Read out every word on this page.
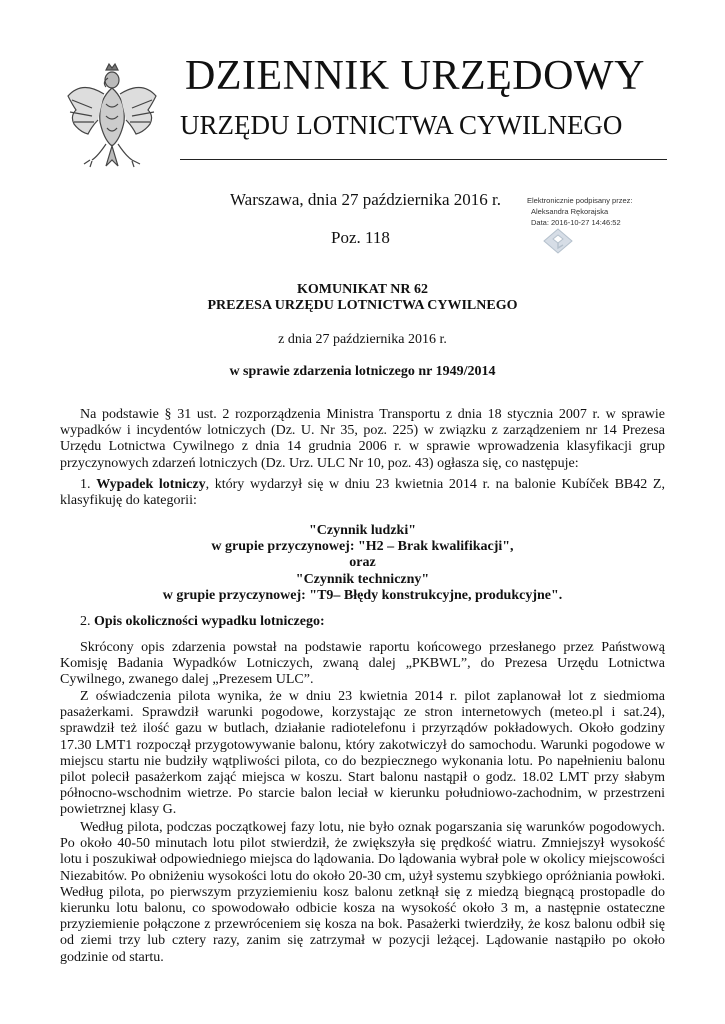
DZIENNIK URZĘDOWY
URZĘDU LOTNICTWA CYWILNEGO
Warszawa, dnia 27 października 2016 r.
Poz. 118
Elektronicznie podpisany przez:
Aleksandra Rękorajska
Data: 2016-10-27 14:46:52
KOMUNIKAT NR 62
PREZESA URZĘDU LOTNICTWA CYWILNEGO
z dnia 27 października 2016 r.
w sprawie zdarzenia lotniczego nr 1949/2014

Na podstawie § 31 ust. 2 rozporządzenia Ministra Transportu z dnia 18 stycznia 2007 r. w sprawie wypadków i incydentów lotniczych (Dz. U. Nr 35, poz. 225) w związku z zarządzeniem nr 14 Prezesa Urzędu Lotnictwa Cywilnego z dnia 14 grudnia 2006 r. w sprawie wprowadzenia klasyfikacji grup przyczynowych zdarzeń lotniczych (Dz. Urz. ULC Nr 10, poz. 43) ogłasza się, co następuje:

1. Wypadek lotniczy, który wydarzył się w dniu 23 kwietnia 2014 r. na balonie Kubíček BB42 Z, klasyfikuję do kategorii:

"Czynnik ludzki"
w grupie przyczynowej: "H2 – Brak kwalifikacji",
oraz
"Czynnik techniczny"
w grupie przyczynowej: "T9– Błędy konstrukcyjne, produkcyjne".

2. Opis okoliczności wypadku lotniczego:

Skrócony opis zdarzenia powstał na podstawie raportu końcowego przesłanego przez Państwową Komisję Badania Wypadków Lotniczych, zwaną dalej „PKBWL”, do Prezesa Urzędu Lotnictwa Cywilnego, zwanego dalej „Prezesem ULC”.

Z oświadczenia pilota wynika, że w dniu 23 kwietnia 2014 r. pilot zaplanował lot z siedmioma pasażerkami. Sprawdził warunki pogodowe, korzystając ze stron internetowych (meteo.pl i sat.24), sprawdził też ilość gazu w butlach, działanie radiotelefonu i przyrządów pokładowych. Około godziny 17.30 LMT1 rozpoczął przygotowywanie balonu, który zakotwiczył do samochodu. Warunki pogodowe w miejscu startu nie budziły wątpliwości pilota, co do bezpiecznego wykonania lotu. Po napełnieniu balonu pilot polecił pasażerkom zająć miejsca w koszu. Start balonu nastąpił o godz. 18.02 LMT przy słabym północno-wschodnim wietrze. Po starcie balon leciał w kierunku południowo-zachodnim, w przestrzeni powietrznej klasy G.

Według pilota, podczas początkowej fazy lotu, nie było oznak pogarszania się warunków pogodowych. Po około 40-50 minutach lotu pilot stwierdził, że zwiększyła się prędkość wiatru. Zmniejszył wysokość lotu i poszukiwał odpowiedniego miejsca do lądowania. Do lądowania wybrał pole w okolicy miejscowości Niezabitów. Po obniżeniu wysokości lotu do około 20-30 cm, użył systemu szybkiego opróżniania powłoki. Według pilota, po pierwszym przyziemieniu kosz balonu zetknął się z miedzą biegnącą prostopadle do kierunku lotu balonu, co spowodowało odbicie kosza na wysokość około 3 m, a następnie ostateczne przyziemienie połączone z przewróceniem się kosza na bok. Pasażerki twierdziły, że kosz balonu odbił się od ziemi trzy lub cztery razy, zanim się zatrzymał w pozycji leżącej. Lądowanie nastąpiło po około godzinie od startu.
